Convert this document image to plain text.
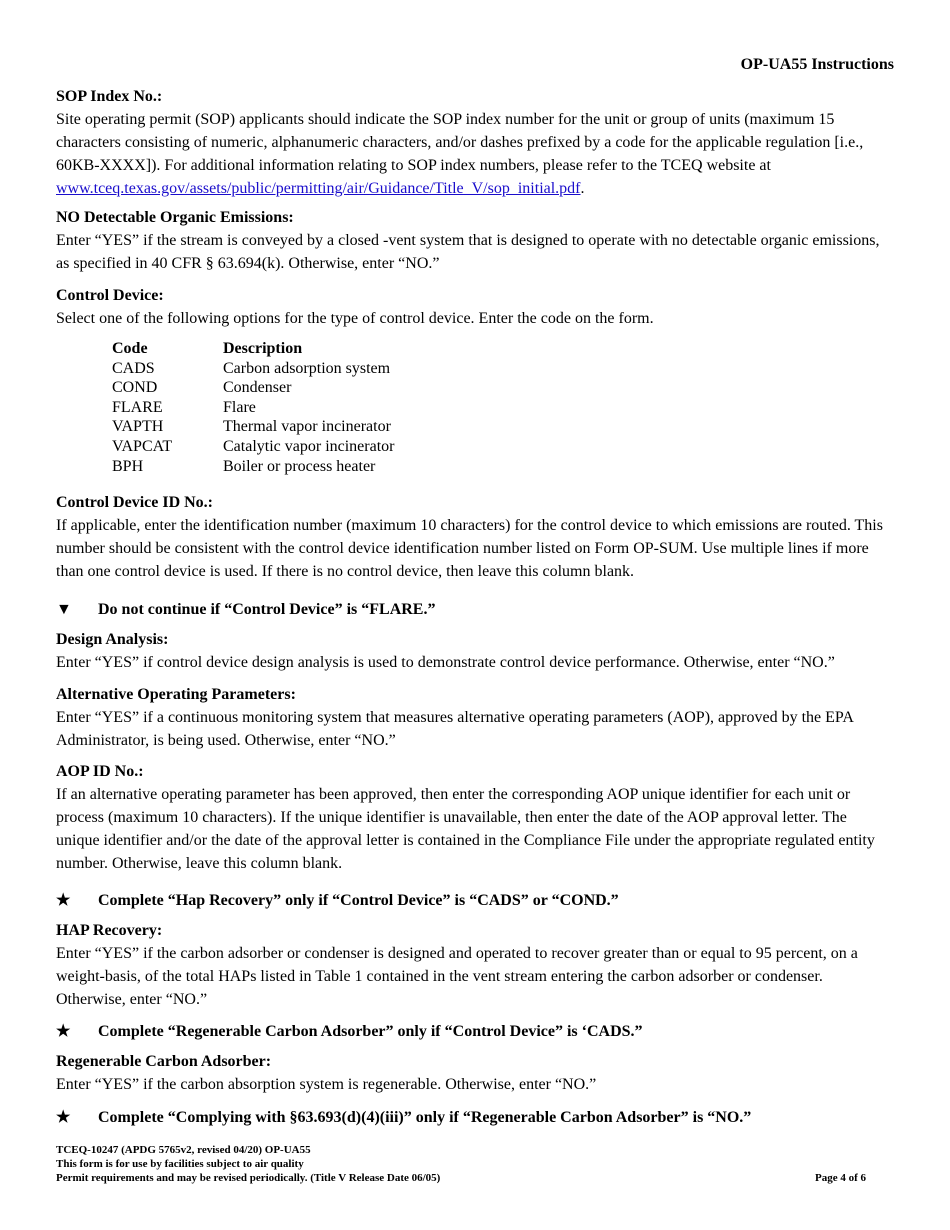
OP-UA55 Instructions
SOP Index No.:

Site operating permit (SOP) applicants should indicate the SOP index number for the unit or group of units (maximum 15 characters consisting of numeric, alphanumeric characters, and/or dashes prefixed by a code for the applicable regulation [i.e., 60KB-XXXX]). For additional information relating to SOP index numbers, please refer to the TCEQ website at www.tceq.texas.gov/assets/public/permitting/air/Guidance/Title_V/sop_initial.pdf.

NO Detectable Organic Emissions:

Enter “YES” if the stream is conveyed by a closed -vent system that is designed to operate with no detectable organic emissions, as specified in 40 CFR § 63.694(k). Otherwise, enter “NO.”

Control Device:

Select one of the following options for the type of control device. Enter the code on the form.

Code	Description
CADS	Carbon adsorption system
COND	Condenser
FLARE	Flare
VAPTH	Thermal vapor incinerator
VAPCAT	Catalytic vapor incinerator
BPH	Boiler or process heater
Control Device ID No.:

If applicable, enter the identification number (maximum 10 characters) for the control device to which emissions are routed. This number should be consistent with the control device identification number listed on Form OP-SUM. Use multiple lines if more than one control device is used. If there is no control device, then leave this column blank.

▼ Do not continue if “Control Device” is “FLARE.”
Design Analysis:

Enter “YES” if control device design analysis is used to demonstrate control device performance. Otherwise, enter “NO.”

Alternative Operating Parameters:

Enter “YES” if a continuous monitoring system that measures alternative operating parameters (AOP), approved by the EPA Administrator, is being used. Otherwise, enter “NO.”

AOP ID No.:

If an alternative operating parameter has been approved, then enter the corresponding AOP unique identifier for each unit or process (maximum 10 characters). If the unique identifier is unavailable, then enter the date of the AOP approval letter. The unique identifier and/or the date of the approval letter is contained in the Compliance File under the appropriate regulated entity number. Otherwise, leave this column blank.

★ Complete “Hap Recovery” only if “Control Device” is “CADS” or “COND.”
HAP Recovery:

Enter “YES” if the carbon adsorber or condenser is designed and operated to recover greater than or equal to 95 percent, on a weight-basis, of the total HAPs listed in Table 1 contained in the vent stream entering the carbon adsorber or condenser. Otherwise, enter “NO.”

★ Complete “Regenerable Carbon Adsorber” only if “Control Device” is ‘CADS.”
Regenerable Carbon Adsorber:

Enter “YES” if the carbon absorption system is regenerable. Otherwise, enter “NO.”

★ Complete “Complying with §63.693(d)(4)(iii)” only if “Regenerable Carbon Adsorber” is “NO.”
TCEQ-10247 (APDG 5765v2, revised 04/20) OP-UA55
This form is for use by facilities subject to air quality
Permit requirements and may be revised periodically. (Title V Release Date 06/05)	Page 4 of 6
